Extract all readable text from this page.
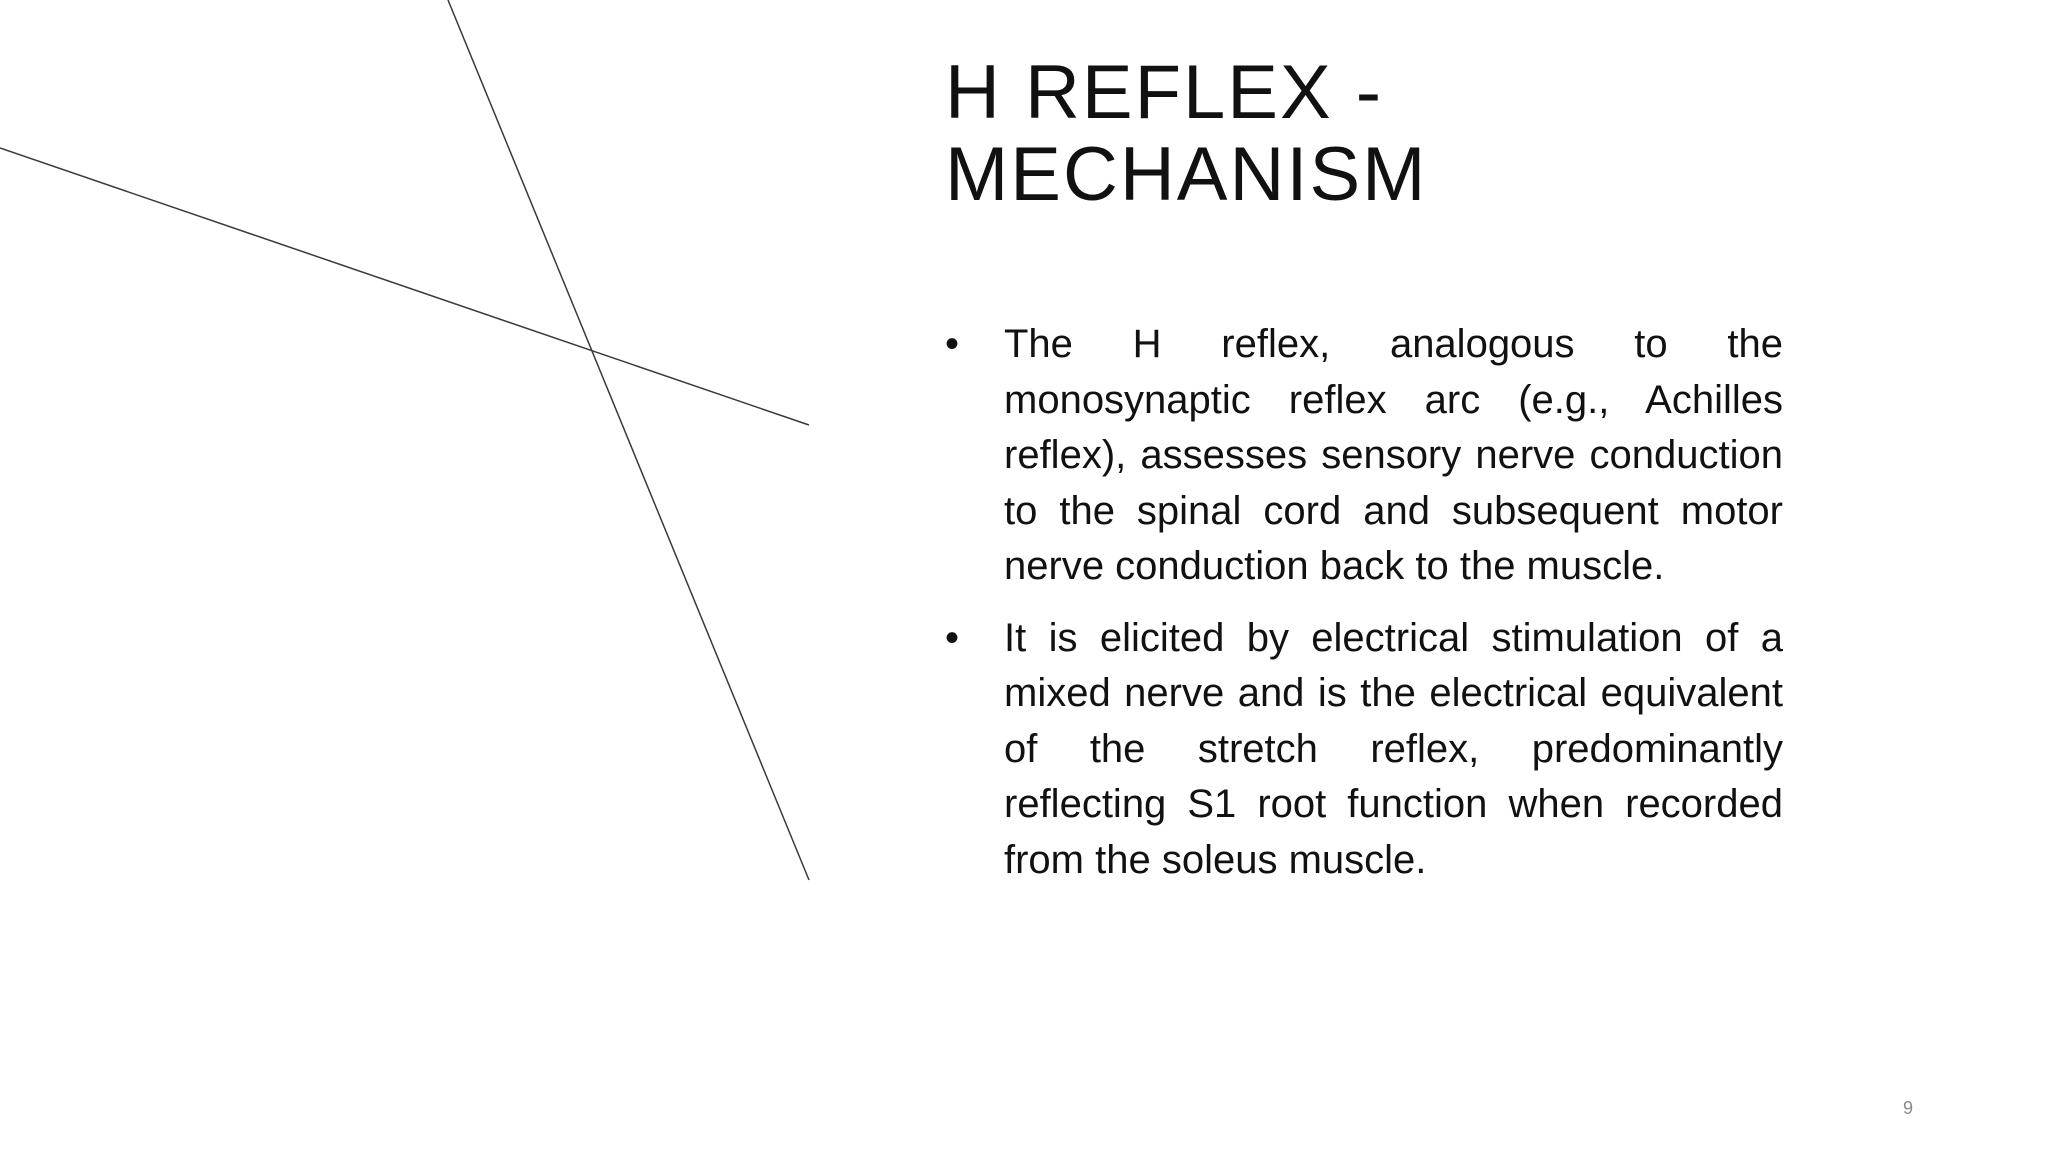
H REFLEX -
MECHANISM
•	The H reflex, analogous to the monosynaptic reflex arc (e.g., Achilles reflex), assesses sensory nerve conduction to the spinal cord and subsequent motor nerve conduction back to the muscle.
•	It is elicited by electrical stimulation of a mixed nerve and is the electrical equivalent of the stretch reflex, predominantly reflecting S1 root function when recorded from the soleus muscle.
9
